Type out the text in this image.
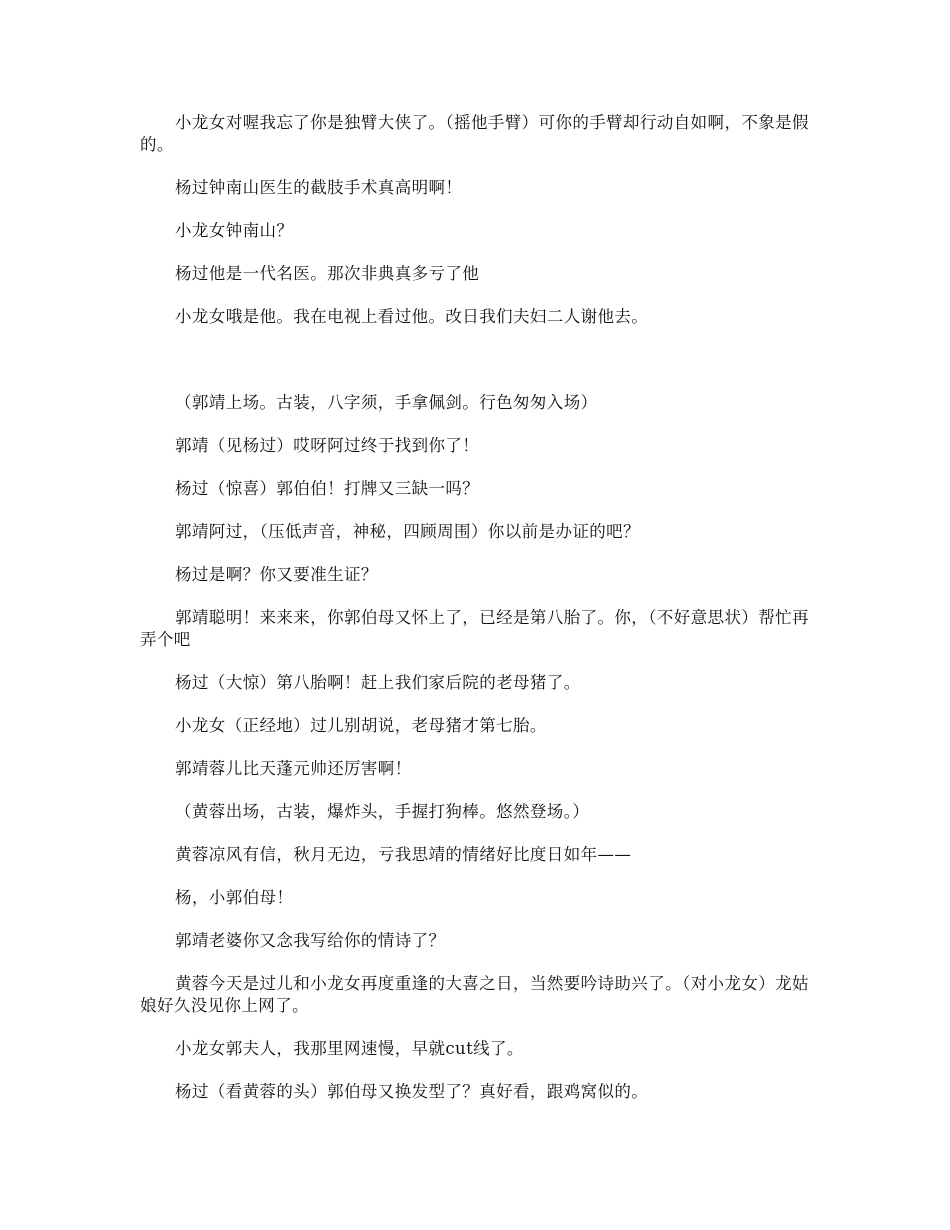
小龙女对喔我忘了你是独臂大侠了。（摇他手臂）可你的手臂却行动自如啊，不象是假的。

杨过钟南山医生的截肢手术真高明啊！

小龙女钟南山？

杨过他是一代名医。那次非典真多亏了他

小龙女哦是他。我在电视上看过他。改日我们夫妇二人谢他去。

（郭靖上场。古装，八字须，手拿佩剑。行色匆匆入场）

郭靖（见杨过）哎呀阿过终于找到你了！

杨过（惊喜）郭伯伯！打牌又三缺一吗？

郭靖阿过，（压低声音，神秘，四顾周围）你以前是办证的吧？

杨过是啊？你又要准生证？

郭靖聪明！来来来，你郭伯母又怀上了，已经是第八胎了。你，（不好意思状）帮忙再弄个吧

杨过（大惊）第八胎啊！赶上我们家后院的老母猪了。

小龙女（正经地）过儿别胡说，老母猪才第七胎。

郭靖蓉儿比天蓬元帅还厉害啊！

（黄蓉出场，古装，爆炸头，手握打狗棒。悠然登场。）

黄蓉凉风有信，秋月无边，亏我思靖的情绪好比度日如年——

杨，小郭伯母！

郭靖老婆你又念我写给你的情诗了？

黄蓉今天是过儿和小龙女再度重逢的大喜之日，当然要吟诗助兴了。（对小龙女）龙姑娘好久没见你上网了。

小龙女郭夫人，我那里网速慢，早就cut线了。

杨过（看黄蓉的头）郭伯母又换发型了？真好看，跟鸡窝似的。
